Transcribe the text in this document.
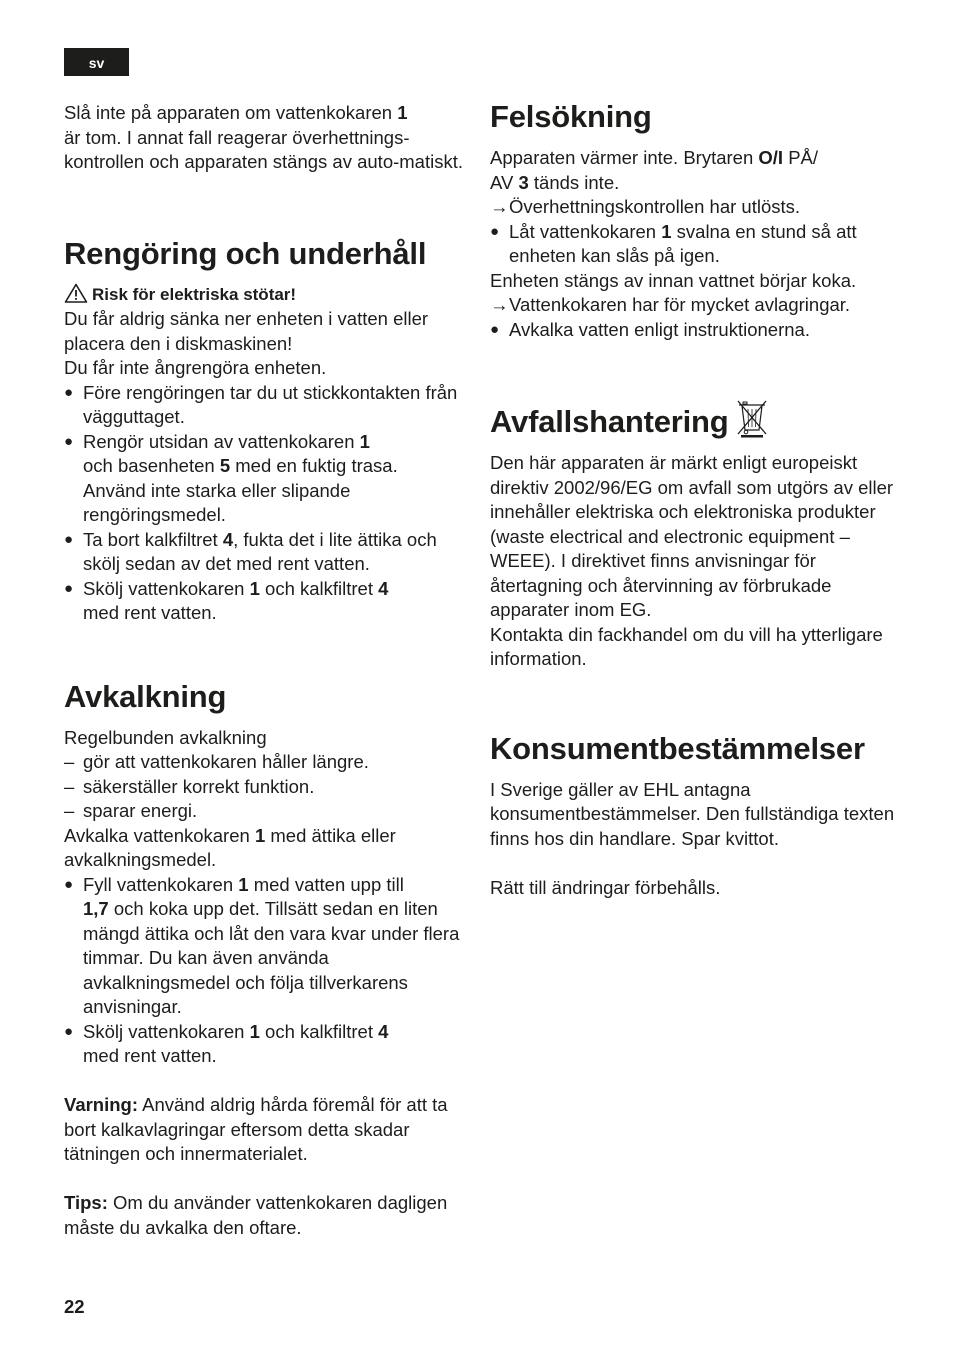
sv

Slå inte på apparaten om vattenkokaren 1
är tom. I annat fall reagerar överhettnings-kontrollen och apparaten stängs av auto-matiskt.

Rengöring och underhåll

Risk för elektriska stötar!

Du får aldrig sänka ner enheten i vatten eller placera den i diskmaskinen!

Du får inte ångrengöra enheten.

● Före rengöringen tar du ut stickkontakten från vägguttaget.
● Rengör utsidan av vattenkokaren 1
och basenheten 5 med en fuktig trasa. Använd inte starka eller slipande rengöringsmedel.
● Ta bort kalkfiltret 4, fukta det i lite ättika och skölj sedan av det med rent vatten.
● Skölj vattenkokaren 1 och kalkfiltret 4
med rent vatten.
Avkalkning

Regelbunden avkalkning

– gör att vattenkokaren håller längre.
– säkerställer korrekt funktion.
– sparar energi.

Avkalka vattenkokaren 1 med ättika eller avkalkningsmedel.

● Fyll vattenkokaren 1 med vatten upp till
1,7 och koka upp det. Tillsätt sedan en liten mängd ättika och låt den vara kvar under flera timmar. Du kan även använda avkalkningsmedel och följa tillverkarens anvisningar.
● Skölj vattenkokaren 1 och kalkfiltret 4
med rent vatten.

Varning: Använd aldrig hårda föremål för att ta bort kalkavlagringar eftersom detta skadar tätningen och innermaterialet.

Tips: Om du använder vattenkokaren dagligen måste du avkalka den oftare.

Felsökning

Apparaten värmer inte. Brytaren O/I PÅ/
AV 3 tänds inte.

→ Överhettningskontrollen har utlösts.

● Låt vattenkokaren 1 svalna en stund så att enheten kan slås på igen.

Enheten stängs av innan vattnet börjar koka.

→ Vattenkokaren har för mycket avlagringar.

● Avkalka vatten enligt instruktionerna.
Avfallshantering

Den här apparaten är märkt enligt europeiskt direktiv 2002/96/EG om avfall som utgörs av eller innehåller elektriska och elektroniska produkter (waste electrical and electronic equipment – WEEE). I direktivet finns anvisningar för återtagning och återvinning av förbrukade apparater inom EG.

Kontakta din fackhandel om du vill ha ytterligare information.

Konsumentbestämmelser

I Sverige gäller av EHL antagna konsumentbestämmelser. Den fullständiga texten finns hos din handlare. Spar kvittot.

Rätt till ändringar förbehålls.

22
